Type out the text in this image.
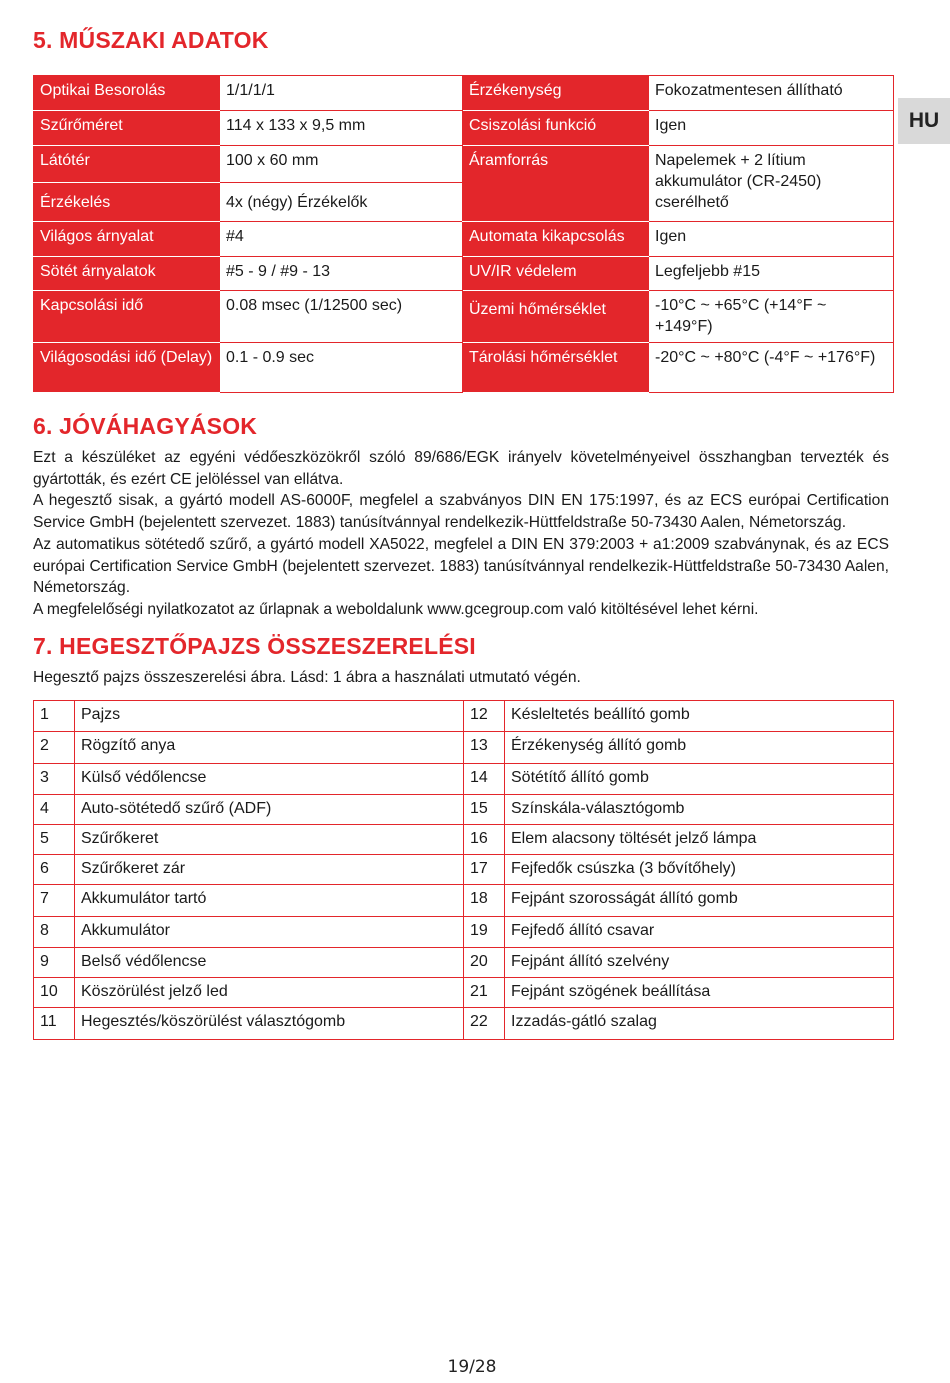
5. MŰSZAKI ADATOK
HU
Optikai Besorolás	1/1/1/1	Érzékenység	Fokozatmentesen állítható
Szűrőméret	114 x 133 x 9,5 mm	Csiszolási funkció	Igen
Látótér	100 x 60 mm	Áramforrás	Napelemek + 2 lítium akkumulátor (CR-2450) cserélhető
Érzékelés	4x (négy) Érzékelők		
Világos árnyalat	#4	Automata kikapcsolás	Igen
Sötét árnyalatok	#5 - 9 / #9 - 13	UV/IR védelem	Legfeljebb #15
Kapcsolási idő	0.08 msec (1/12500 sec)	Üzemi hőmérséklet	-10°C ~ +65°C (+14°F ~ +149°F)
Világosodási idő (Delay)	0.1 - 0.9 sec	Tárolási hőmérséklet	-20°C ~ +80°C (-4°F ~ +176°F)
6. JÓVÁHAGYÁSOK

Ezt a készüléket az egyéni védőeszközökről szóló 89/686/EGK irányelv követelményeivel összhangban tervezték és gyártották, és ezért CE jelöléssel van ellátva.

A hegesztő sisak, a gyártó modell AS-6000F, megfelel a szabványos DIN EN 175:1997, és az ECS európai Certification Service GmbH (bejelentett szervezet. 1883) tanúsítvánnyal rendelkezik-Hüttfeldstraße 50-73430 Aalen, Németország.

Az automatikus sötétedő szűrő, a gyártó modell XA5022, megfelel a DIN EN 379:2003 + a1:2009 szabványnak, és az ECS európai Certification Service GmbH (bejelentett szervezet. 1883) tanúsítvánnyal rendelkezik-Hüttfeldstraße 50-73430 Aalen, Németország.

A megfelelőségi nyilatkozatot az űrlapnak a weboldalunk www.gcegroup.com való kitöltésével lehet kérni.

7. HEGESZTŐPAJZS ÖSSZESZERELÉSI
Hegesztő pajzs összeszerelési ábra. Lásd: 1 ábra a használati utmutató végén.
1	Pajzs	12	Késleltetés beállító gomb
2	Rögzítő anya	13	Érzékenység állító gomb
3	Külső védőlencse	14	Sötétítő állító gomb
4	Auto-sötétedő szűrő (ADF)	15	Színskála-választógomb
5	Szűrőkeret	16	Elem alacsony töltését jelző lámpa
6	Szűrőkeret zár	17	Fejfedők csúszka (3 bővítőhely)
7	Akkumulátor tartó	18	Fejpánt szorosságát állító gomb
8	Akkumulátor	19	Fejfedő állító csavar
9	Belső védőlencse	20	Fejpánt állító szelvény
10	Köszörülést jelző led	21	Fejpánt szögének beállítása
11	Hegesztés/köszörülést választógomb	22	Izzadás-gátló szalag
19/28
